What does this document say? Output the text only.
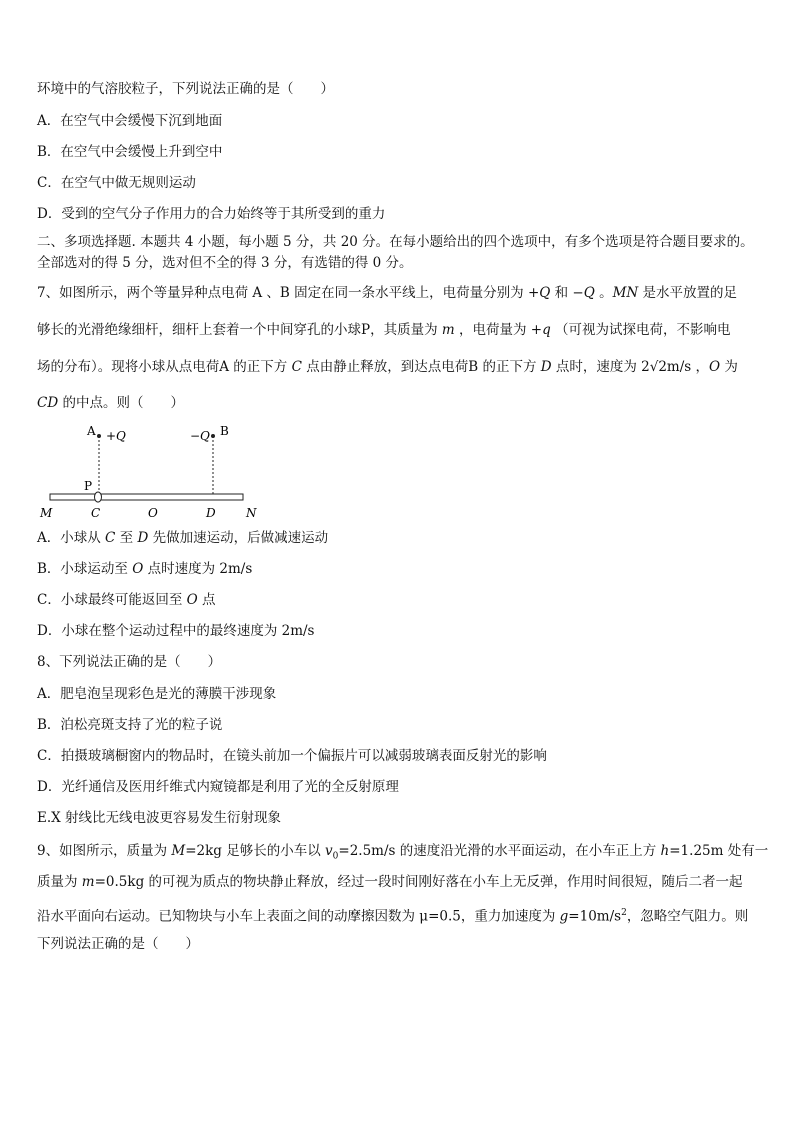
环境中的气溶胶粒子，下列说法正确的是（　　）
A．在空气中会缓慢下沉到地面
B．在空气中会缓慢上升到空中
C．在空气中做无规则运动
D．受到的空气分子作用力的合力始终等于其所受到的重力
二、多项选择题. 本题共 4 小题，每小题 5 分，共 20 分。在每小题给出的四个选项中，有多个选项是符合题目要求的。
全部选对的得 5 分，选对但不全的得 3 分，有选错的得 0 分。
7、如图所示，两个等量异种点电荷 A 、B 固定在同一条水平线上，电荷量分别为 +Q 和 −Q 。MN 是水平放置的足
够长的光滑绝缘细杆，细杆上套着一个中间穿孔的小球P，其质量为 m ，电荷量为 +q （可视为试探电荷，不影响电
场的分布）。现将小球从点电荷A 的正下方 C 点由静止释放，到达点电荷B 的正下方 D 点时，速度为 2√2m/s ，O 为
CD 的中点。则（　　）
A +Q	−Q B
P
M	C	O	D	N
A．小球从 C 至 D 先做加速运动，后做减速运动
B．小球运动至 O 点时速度为 2m/s
C．小球最终可能返回至 O 点
D．小球在整个运动过程中的最终速度为 2m/s
8、下列说法正确的是（　　）
A．肥皂泡呈现彩色是光的薄膜干涉现象
B．泊松亮斑支持了光的粒子说
C．拍摄玻璃橱窗内的物品时，在镜头前加一个偏振片可以减弱玻璃表面反射光的影响
D．光纤通信及医用纤维式内窥镜都是利用了光的全反射原理
E.X 射线比无线电波更容易发生衍射现象
9、如图所示，质量为 M=2kg 足够长的小车以 $v_0=2.5m/s$ 的速度沿光滑的水平面运动，在小车正上方 h=1.25m 处有一
质量为 m=0.5kg 的可视为质点的物块静止释放，经过一段时间刚好落在小车上无反弹，作用时间很短，随后二者一起
沿水平面向右运动。已知物块与小车上表面之间的动摩擦因数为 μ=0.5，重力加速度为 $g=10m/s^2$，忽略空气阻力。则
下列说法正确的是（　　）
